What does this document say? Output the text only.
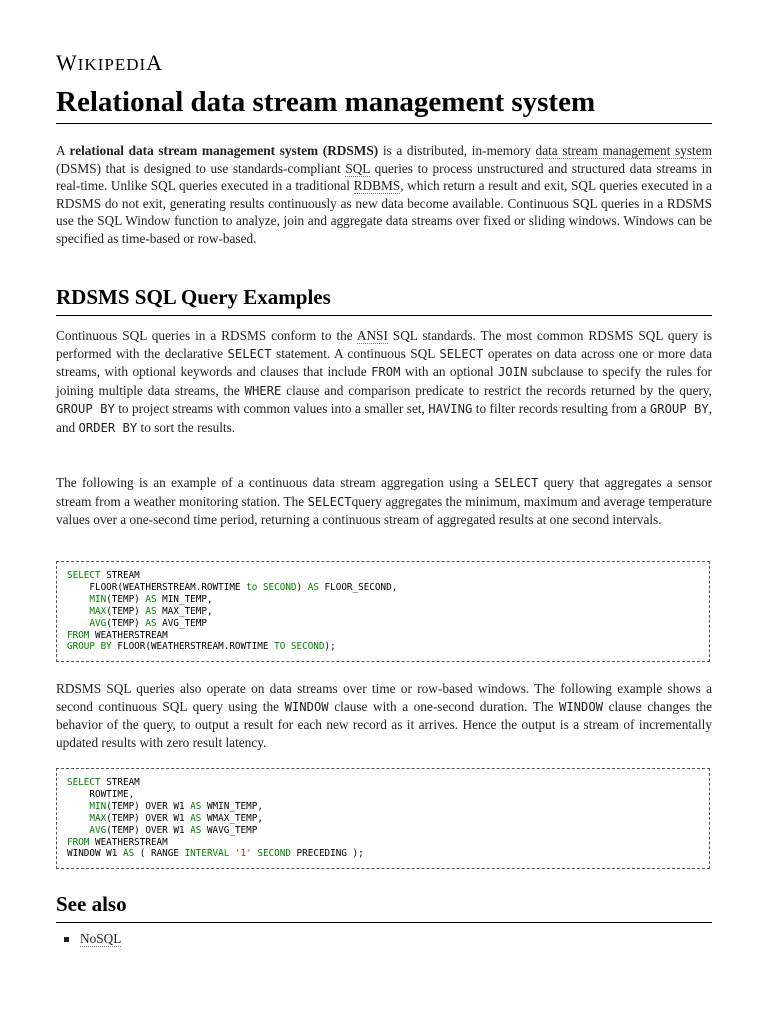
WIKIPEDIA
Relational data stream management system

A relational data stream management system (RDSMS) is a distributed, in-memory data stream management system (DSMS) that is designed to use standards-compliant SQL queries to process unstructured and structured data streams in real-time. Unlike SQL queries executed in a traditional RDBMS, which return a result and exit, SQL queries executed in a RDSMS do not exit, generating results continuously as new data become available. Continuous SQL queries in a RDSMS use the SQL Window function to analyze, join and aggregate data streams over fixed or sliding windows. Windows can be specified as time-based or row-based.

RDSMS SQL Query Examples

Continuous SQL queries in a RDSMS conform to the ANSI SQL standards. The most common RDSMS SQL query is performed with the declarative SELECT statement. A continuous SQL SELECT operates on data across one or more data streams, with optional keywords and clauses that include FROM with an optional JOIN subclause to specify the rules for joining multiple data streams, the WHERE clause and comparison predicate to restrict the records returned by the query, GROUP BY to project streams with common values into a smaller set, HAVING to filter records resulting from a GROUP BY, and ORDER BY to sort the results.

The following is an example of a continuous data stream aggregation using a SELECT query that aggregates a sensor stream from a weather monitoring station. The SELECTquery aggregates the minimum, maximum and average temperature values over a one-second time period, returning a continuous stream of aggregated results at one second intervals.

SELECT STREAM
FLOOR(WEATHERSTREAM.ROWTIME to SECOND) AS FLOOR_SECOND,
MIN(TEMP) AS MIN_TEMP,
MAX(TEMP) AS MAX_TEMP,
AVG(TEMP) AS AVG_TEMP
FROM WEATHERSTREAM
GROUP BY FLOOR(WEATHERSTREAM.ROWTIME TO SECOND);

RDSMS SQL queries also operate on data streams over time or row-based windows. The following example shows a second continuous SQL query using the WINDOW clause with a one-second duration. The WINDOW clause changes the behavior of the query, to output a result for each new record as it arrives. Hence the output is a stream of incrementally updated results with zero result latency.

SELECT STREAM
ROWTIME,
MIN(TEMP) OVER W1 AS WMIN_TEMP,
MAX(TEMP) OVER W1 AS WMAX_TEMP,
AVG(TEMP) OVER W1 AS WAVG_TEMP
FROM WEATHERSTREAM
WINDOW W1 AS ( RANGE INTERVAL '1' SECOND PRECEDING );
See also
NoSQL
